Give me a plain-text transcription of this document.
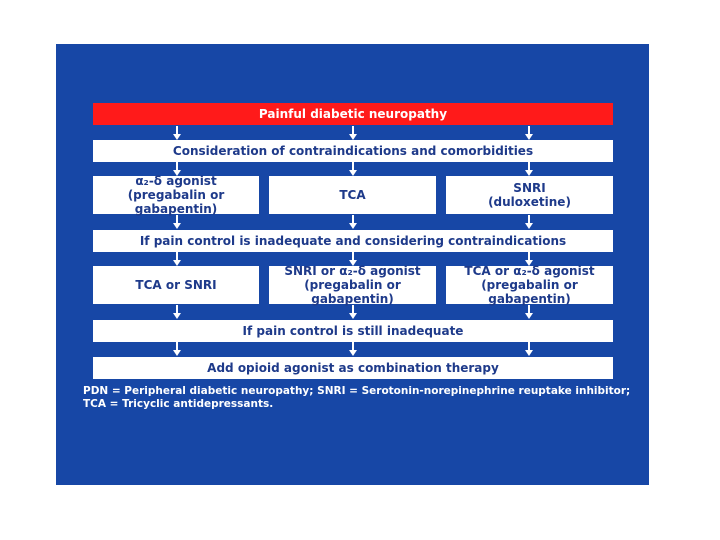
Painful diabetic neuropathy
Consideration of contraindications and comorbidities
α₂-δ agonist
(pregabalin or gabapentin)
TCA	SNRI
(duloxetine)
If pain control is inadequate and considering contraindications
TCA or SNRI
SNRI or α₂-δ agonist
(pregabalin or gabapentin)
TCA or α₂-δ agonist
(pregabalin or gabapentin)
If pain control is still inadequate
Add opioid agonist as combination therapy
PDN = Peripheral diabetic neuropathy; SNRI = Serotonin-norepinephrine reuptake inhibitor;
TCA = Tricyclic antidepressants.
